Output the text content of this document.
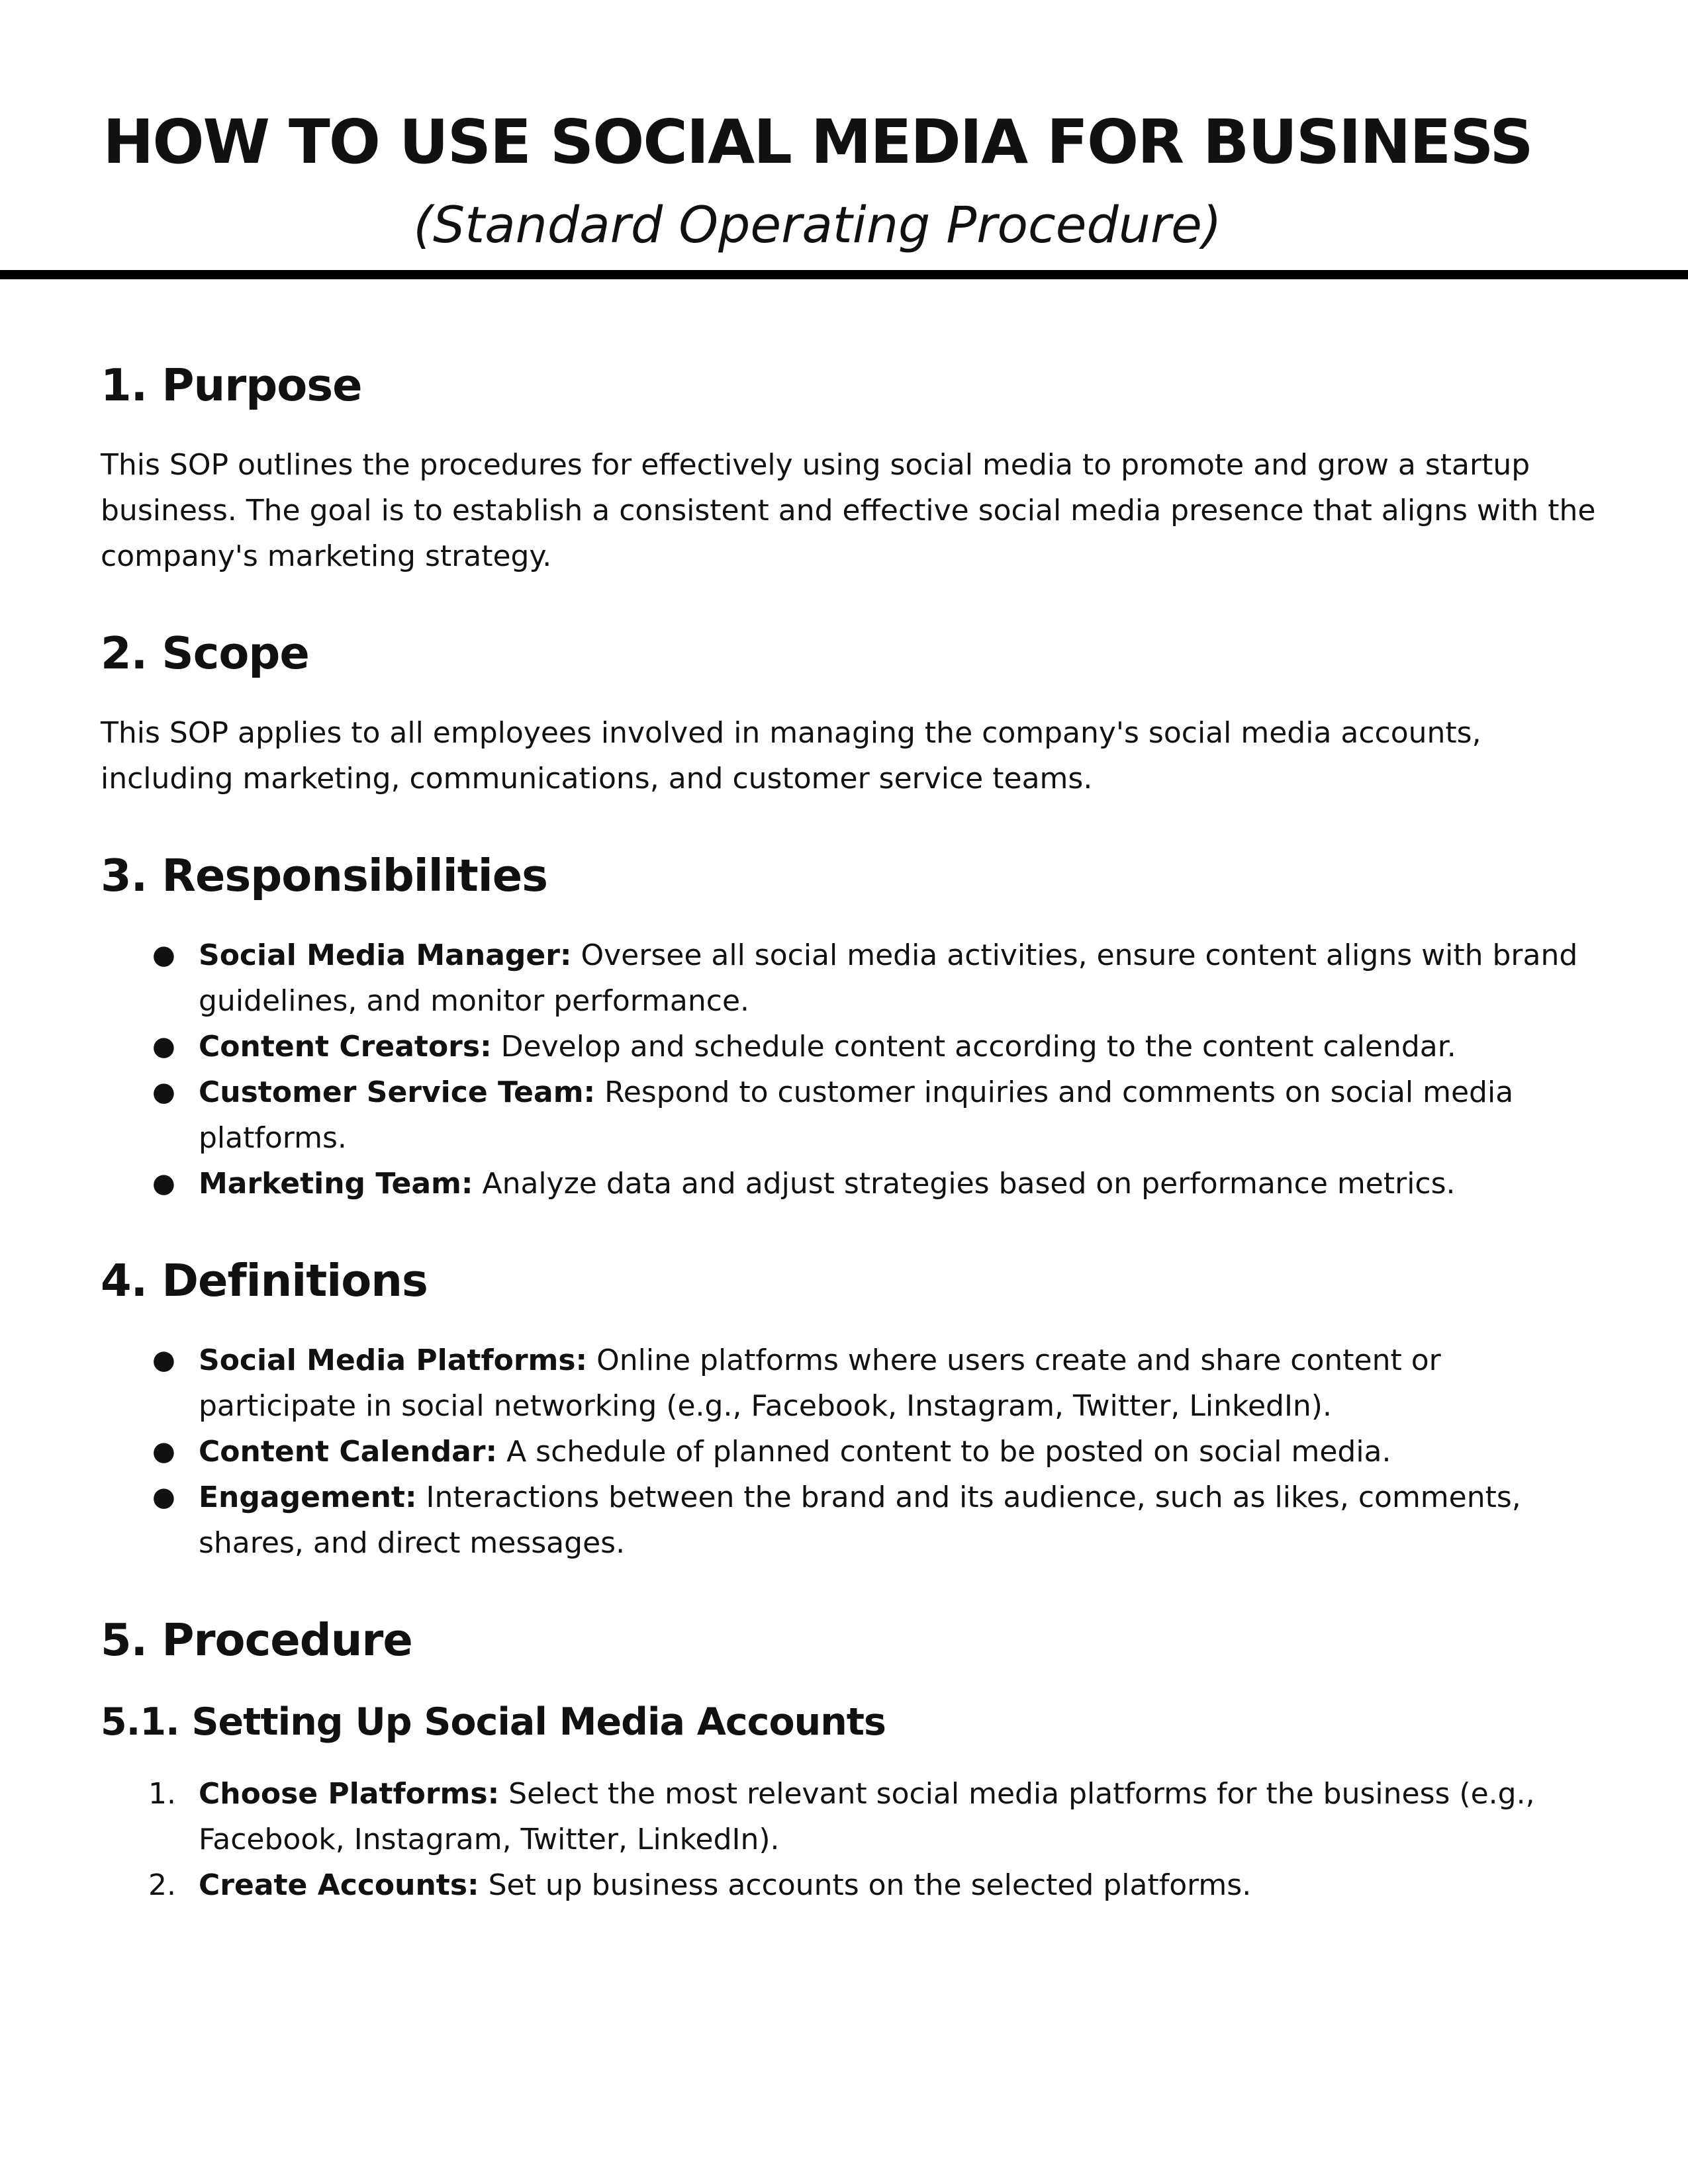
HOW TO USE SOCIAL MEDIA FOR BUSINESS
(Standard Operating Procedure)
1. Purpose

This SOP outlines the procedures for effectively using social media to promote and grow a startup business. The goal is to establish a consistent and effective social media presence that aligns with the company's marketing strategy.

2. Scope

This SOP applies to all employees involved in managing the company's social media accounts, including marketing, communications, and customer service teams.

3. Responsibilities
● Social Media Manager: Oversee all social media activities, ensure content aligns with brand guidelines, and monitor performance.
● Content Creators: Develop and schedule content according to the content calendar.
● Customer Service Team: Respond to customer inquiries and comments on social media platforms.
● Marketing Team: Analyze data and adjust strategies based on performance metrics.
4. Definitions
● Social Media Platforms: Online platforms where users create and share content or participate in social networking (e.g., Facebook, Instagram, Twitter, LinkedIn).
● Content Calendar: A schedule of planned content to be posted on social media.
● Engagement: Interactions between the brand and its audience, such as likes, comments, shares, and direct messages.
5. Procedure
5.1. Setting Up Social Media Accounts
1. Choose Platforms: Select the most relevant social media platforms for the business (e.g., Facebook, Instagram, Twitter, LinkedIn).
2. Create Accounts: Set up business accounts on the selected platforms.
